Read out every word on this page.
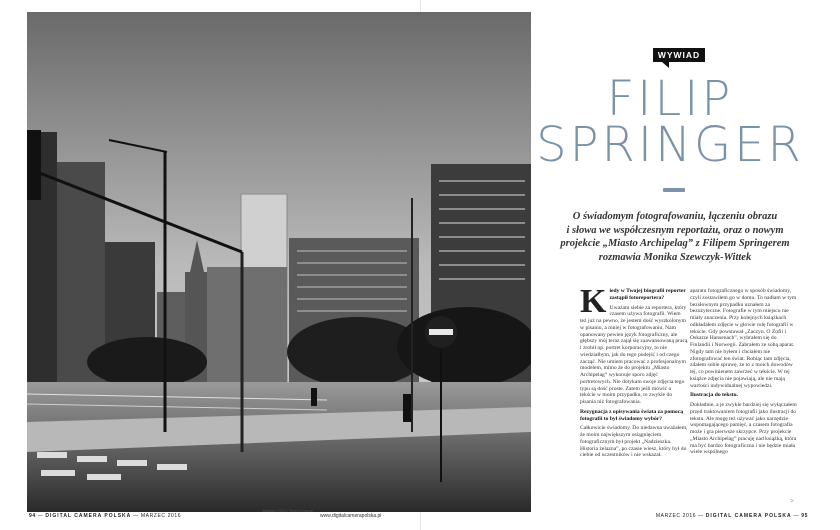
Warsaw 2013 / Monochrome
WYWIAD
FILIP
SPRINGER
O świadomym fotografowaniu, łączeniu obrazu
i słowa we współczesnym reportażu, oraz o nowym
projekcie „Miasto Archipelag” z Filipem Springerem
rozmawia Monika Szewczyk-Wittek

Kiedy w Twojej biografii reporter zastąpił fotoreportera?

Uważam siebie za reportera, który czasem używa fotografii. Wiem też już na pewno, że jestem dość wyszkolonym w pisaniu, a mniej w fotografowaniu. Nam opanowany pewien język fotograficzny, ale głębszy mój teraz zajął się zaawansowaną pracą i zrobił np. portret korporacyjny, to nie wiedziałbym, jak do tego podejść i od czego zacząć. Nie umiem pracować z profesjonalnym modelem, mimo że do projektu „Miasto Archipelag” wykonuje sporo zdjęć portretowych. Nie dotykam swoje zdjęcia tego typu są dość proste. Zatem jeśli mówić o tekście w moim przypadku, to zwykle do pisania niż fotografowania.

Rezygnacja z opisywania świata za pomocą fotografii to był świadomy wybór?

Całkowicie świadomy. Do niedawna uważałem, że moim największym osiągnięciem fotograficznym był projekt „Nadzieszka. Historia żelazna”, po czasie wiesz, który był do ciebie od uczestników i nie wskazał.

aparatu fotograficznego w sposób świadomy, czyli zostawiłem go w domu. To nadłam w tym bezsłownym przypadku uznałem za bezużyteczne. Fotografie w tym miejscu nie miały znaczenia. Przy kolejnych książkach odkładałem zdjęcie w głowie rolę fotografii w tekście. Gdy powstawał „Zaczyn. O Zofii i Oskarze Hansenach”, wybrałem się do Finlandii i Norwegii. Zabrałem ze sobą aparat. Nigdy tam nie byłem i chciałem nie zfotografować ten świat. Robiąc tam zdjęcia, zdałem sobie sprawę, że to z moich dowodów tej, co powinienem zawrzeć w tekście. W tej książce zdjęcia nie pojawiają, ale nie mają wartości indywidualnej wypowiedzi.

Ilustracja do tekstu.

Dokładnie, a je zwykle bardziej się wyłączałem przed traktowaniem fotografii jako ilustracji do tekstu. Ale mogę też używać jako narzędzie wspomagającego pamięć, a czasem fotografia może i gra pierwsze skrzypce. Przy projekcie „Miasto Archipelag” pracuję nad książką, która ma być bardzo fotograficzna i nie będzie miała wiele wspólnego

>
94 — DIGITAL CAMERA POLSKA — MARZEC 2016	www.digitalcamerapolska.pl	MARZEC 2016 — DIGITAL CAMERA POLSKA — 95
